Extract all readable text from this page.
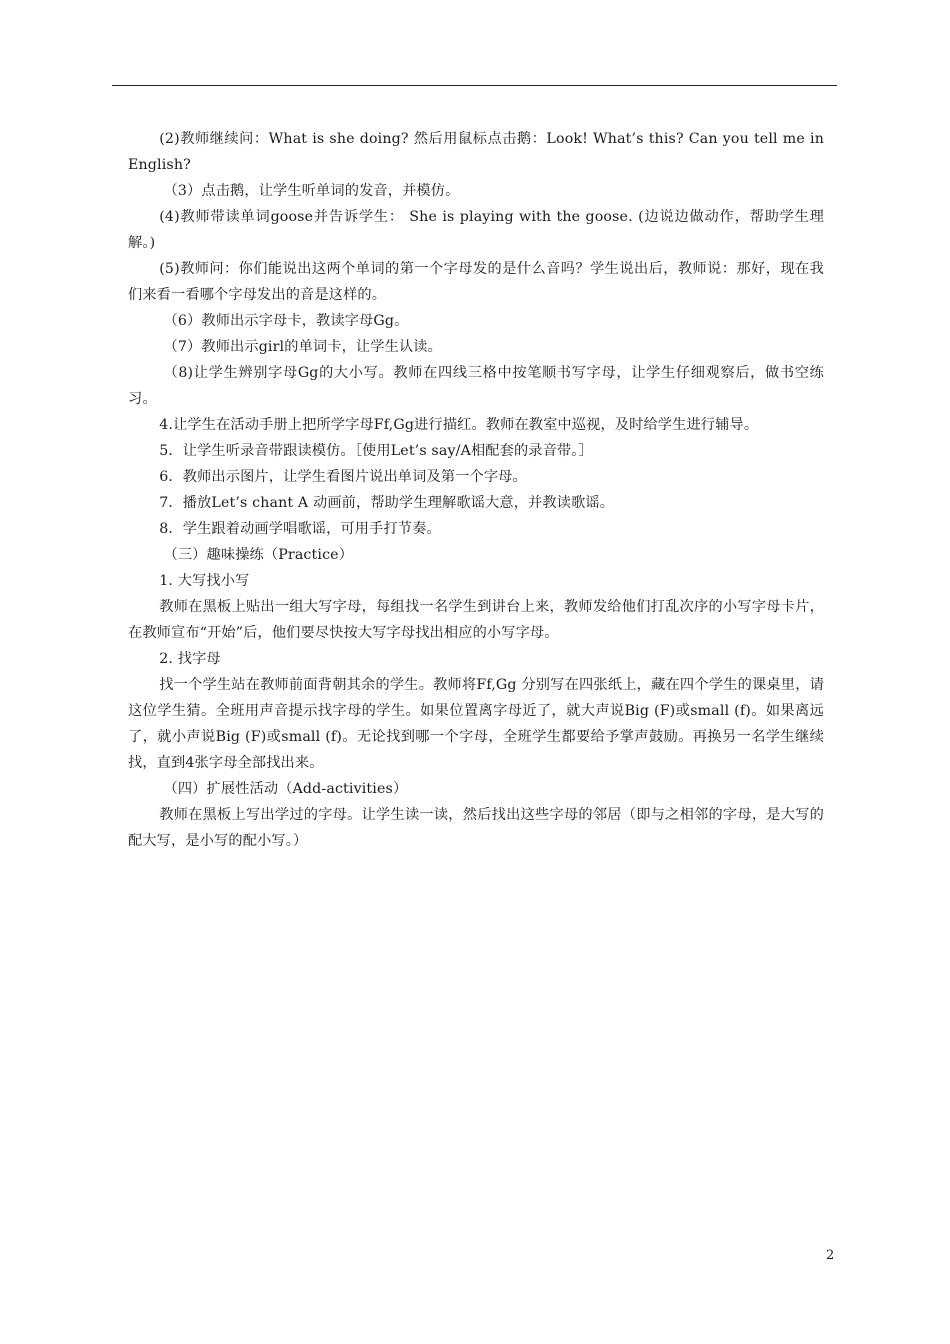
(2)教师继续问：What is she doing? 然后用鼠标点击鹅：Look! What’s this? Can you tell me in English?

（3）点击鹅，让学生听单词的发音，并模仿。

(4)教师带读单词goose并告诉学生： She is playing with the goose. (边说边做动作，帮助学生理解。)

(5)教师问：你们能说出这两个单词的第一个字母发的是什么音吗？学生说出后，教师说：那好，现在我们来看一看哪个字母发出的音是这样的。

（6）教师出示字母卡，教读字母Gg。

（7）教师出示girl的单词卡，让学生认读。

（8)让学生辨别字母Gg的大小写。教师在四线三格中按笔顺书写字母，让学生仔细观察后，做书空练习。

4.让学生在活动手册上把所学字母Ff,Gg进行描红。教师在教室中巡视，及时给学生进行辅导。

5．让学生听录音带跟读模仿。［使用Let’s say/A相配套的录音带。］

6．教师出示图片，让学生看图片说出单词及第一个字母。

7．播放Let’s chant A 动画前，帮助学生理解歌谣大意，并教读歌谣。

8．学生跟着动画学唱歌谣，可用手打节奏。

（三）趣味操练（Practice）

1. 大写找小写

教师在黑板上贴出一组大写字母，每组找一名学生到讲台上来，教师发给他们打乱次序的小写字母卡片，在教师宣布“开始”后，他们要尽快按大写字母找出相应的小写字母。

2. 找字母

找一个学生站在教师前面背朝其余的学生。教师将Ff,Gg 分别写在四张纸上，藏在四个学生的课桌里，请这位学生猜。全班用声音提示找字母的学生。如果位置离字母近了，就大声说Big (F)或small (f)。如果离远了，就小声说Big (F)或small (f)。无论找到哪一个字母，全班学生都要给予掌声鼓励。再换另一名学生继续找，直到4张字母全部找出来。

（四）扩展性活动（Add-activities）

教师在黑板上写出学过的字母。让学生读一读，然后找出这些字母的邻居（即与之相邻的字母，是大写的配大写，是小写的配小写。）

2
